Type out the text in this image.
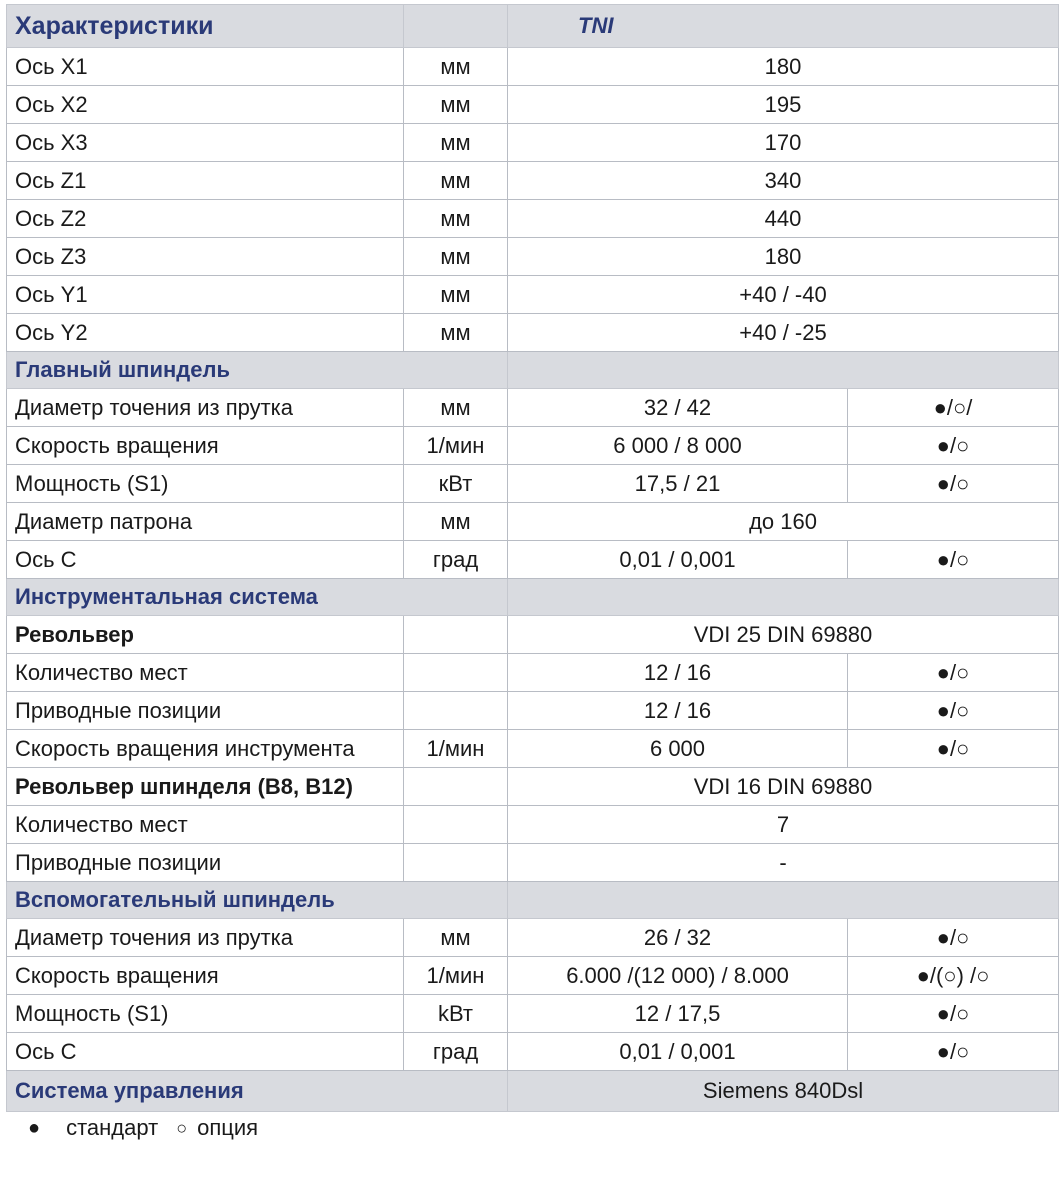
Характеристики		TNI	
Ось X1	мм	180	
Ось X2	мм	195	
Ось X3	мм	170	
Ось Z1	мм	340	
Ось Z2	мм	440	
Ось Z3	мм	180	
Ось Y1	мм	+40 / -40	
Ось Y2	мм	+40 / -25	
Главный шпиндель			
Диаметр точения из прутка	мм	32 / 42	●/○/
Скорость вращения	1/мин	6 000 / 8 000	●/○
Мощность (S1)	кВт	17,5 / 21	●/○
Диаметр патрона	мм	до 160	
Ось C	град	0,01 / 0,001	●/○
Инструментальная система			
Револьвер		VDI 25 DIN 69880	
Количество мест		12 / 16	●/○
Приводные позиции		12 / 16	●/○
Скорость вращения инструмента	1/мин	6 000	●/○
Револьвер шпинделя (B8, B12)		VDI 16 DIN 69880	
Количество мест		7	
Приводные позиции		-	
Вспомогательный шпиндель			
Диаметр точения из прутка	мм	26 / 32	●/○
Скорость вращения	1/мин	6.000 /(12 000) / 8.000	●/(○) /○
Мощность (S1)	kВт	12 / 17,5	●/○
Ось C	град	0,01 / 0,001	●/○
Система управления		Siemens 840Dsl	
● стандарт ○ опция
